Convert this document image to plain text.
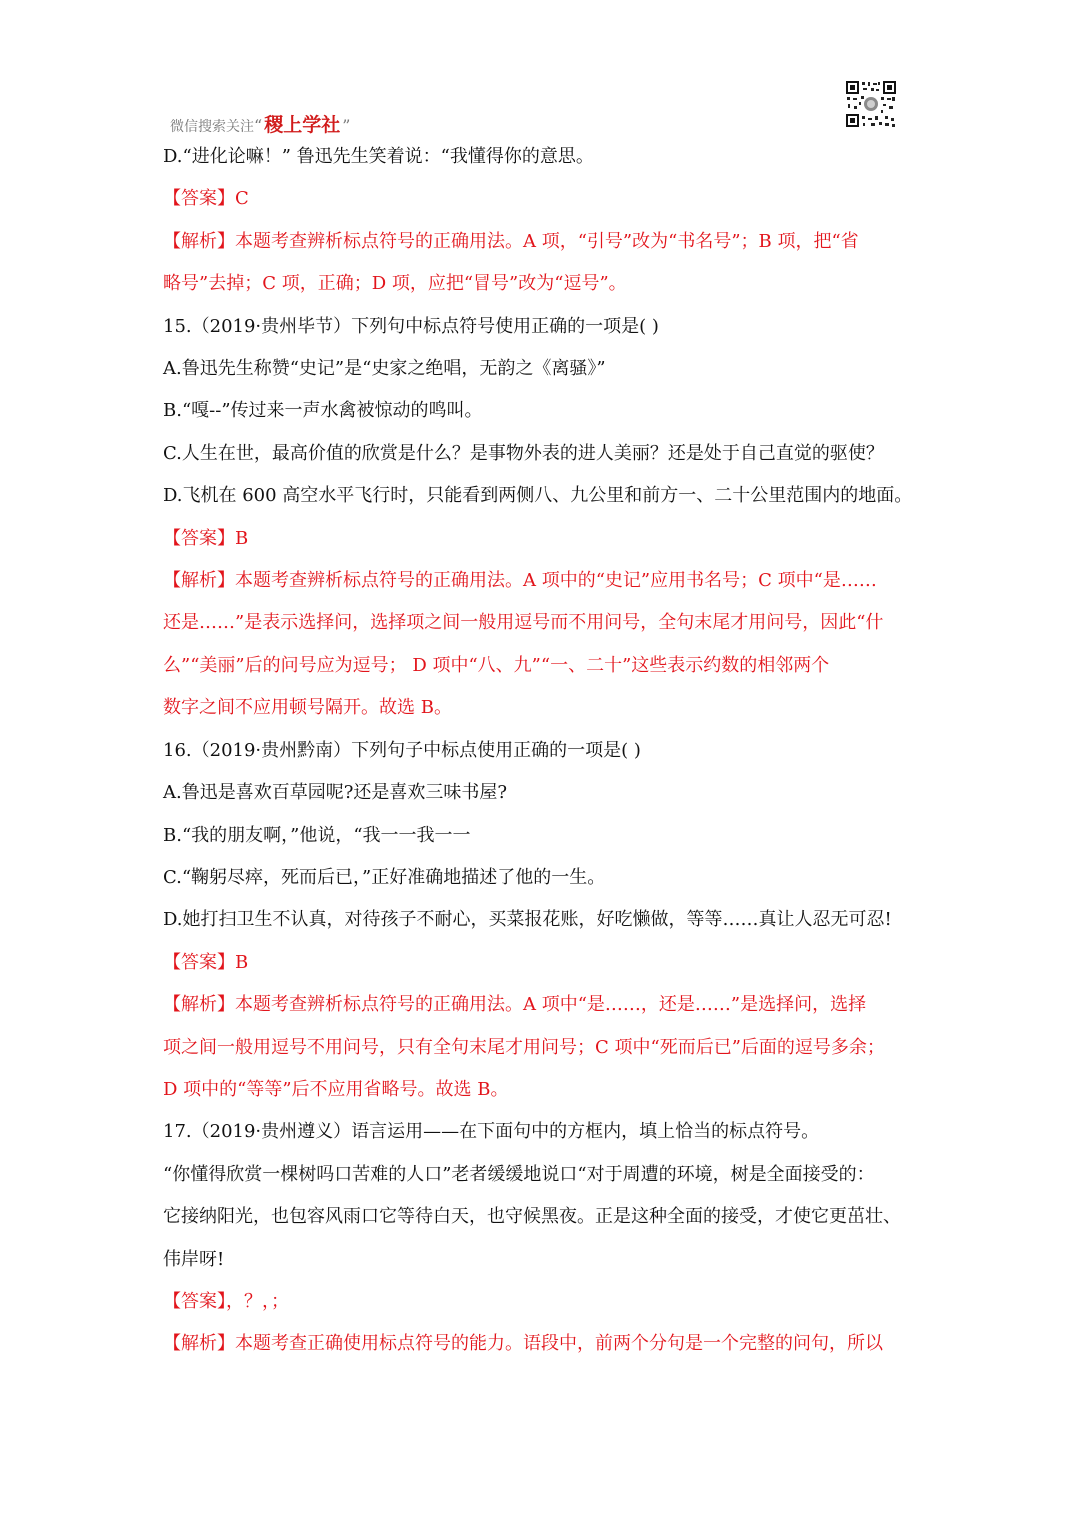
微信搜索关注 “ 稷上学社 ”
D.“进化论嘛！” 鲁迅先生笑着说：“我懂得你的意思。
【答案】C
【解析】本题考查辨析标点符号的正确用法。A 项，“引号”改为“书名号”；B 项，把“省
略号”去掉；C 项，正确；D 项，应把“冒号”改为“逗号”。
15.（2019·贵州毕节）下列句中标点符号使用正确的一项是( )
A.鲁迅先生称赞“史记”是“史家之绝唱，无韵之《离骚》”
B.“嘎--”传过来一声水禽被惊动的鸣叫。
C.人生在世，最高价值的欣赏是什么？是事物外表的进人美丽？还是处于自己直觉的驱使？
D.飞机在 600 高空水平飞行时，只能看到两侧八、九公里和前方一、二十公里范围内的地面。
【答案】B
【解析】本题考查辨析标点符号的正确用法。A 项中的“史记”应用书名号；C 项中“是……
还是……”是表示选择问，选择项之间一般用逗号而不用问号，全句末尾才用问号，因此“什
么”“美丽”后的问号应为逗号； D 项中“八、九”“一、二十”这些表示约数的相邻两个
数字之间不应用顿号隔开。故选 B。
16.（2019·贵州黔南）下列句子中标点使用正确的一项是( )
A.鲁迅是喜欢百草园呢?还是喜欢三味书屋?
B.“我的朋友啊，”他说，“我一一我一一
C.“鞠躬尽瘁，死而后已，”正好准确地描述了他的一生。
D.她打扫卫生不认真，对待孩子不耐心，买菜报花账，好吃懒做，等等……真让人忍无可忍!
【答案】B
【解析】本题考查辨析标点符号的正确用法。A 项中“是……，还是……”是选择问，选择
项之间一般用逗号不用问号，只有全句末尾才用问号；C 项中“死而后已”后面的逗号多余；
D 项中的“等等”后不应用省略号。故选 B。
17.（2019·贵州遵义）语言运用——在下面句中的方框内，填上恰当的标点符号。
“你懂得欣赏一棵树吗口苦难的人口”老者缓缓地说口“对于周遭的环境，树是全面接受的：
它接纳阳光，也包容风雨口它等待白天，也守候黑夜。正是这种全面的接受，才使它更茁壮、
伟岸呀!
【答案】，？，；
【解析】本题考查正确使用标点符号的能力。语段中，前两个分句是一个完整的问句，所以
